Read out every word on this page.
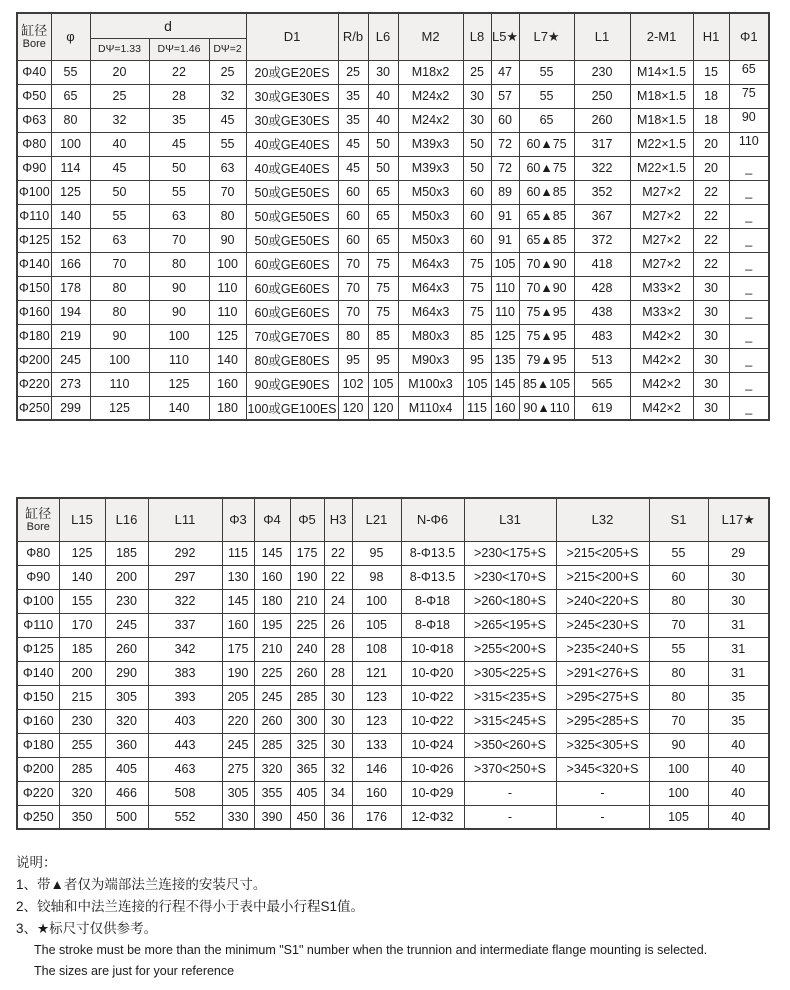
缸径
Bore	φ	d			D1	R/b	L6	M2	L8	L5★	L7★	L1	2-M1	H1	Φ1
		DΨ=1.33	DΨ=1.46	DΨ=2											
Φ40	55	20	22	25	20或GE20ES	25	30	M18x2	25	47	55	230	M14×1.5	15	65
Φ50	65	25	28	32	30或GE30ES	35	40	M24x2	30	57	55	250	M18×1.5	18	75
Φ63	80	32	35	45	30或GE30ES	35	40	M24x2	30	60	65	260	M18×1.5	18	90
Φ80	100	40	45	55	40或GE40ES	45	50	M39x3	50	72	60▲75	317	M22×1.5	20	110
Φ90	114	45	50	63	40或GE40ES	45	50	M39x3	50	72	60▲75	322	M22×1.5	20	_
Φ100	125	50	55	70	50或GE50ES	60	65	M50x3	60	89	60▲85	352	M27×2	22	_
Φ110	140	55	63	80	50或GE50ES	60	65	M50x3	60	91	65▲85	367	M27×2	22	_
Φ125	152	63	70	90	50或GE50ES	60	65	M50x3	60	91	65▲85	372	M27×2	22	_
Φ140	166	70	80	100	60或GE60ES	70	75	M64x3	75	105	70▲90	418	M27×2	22	_
Φ150	178	80	90	110	60或GE60ES	70	75	M64x3	75	110	70▲90	428	M33×2	30	_
Φ160	194	80	90	110	60或GE60ES	70	75	M64x3	75	110	75▲95	438	M33×2	30	_
Φ180	219	90	100	125	70或GE70ES	80	85	M80x3	85	125	75▲95	483	M42×2	30	_
Φ200	245	100	110	140	80或GE80ES	95	95	M90x3	95	135	79▲95	513	M42×2	30	_
Φ220	273	110	125	160	90或GE90ES	102	105	M100x3	105	145	85▲105	565	M42×2	30	_
Φ250	299	125	140	180	100或GE100ES	120	120	M110x4	115	160	90▲110	619	M42×2	30	_
缸径
Bore	L15	L16	L11	Φ3	Φ4	Φ5	H3	L21	N-Φ6	L31	L32	S1	L17★
Φ80	125	185	292	115	145	175	22	95	8-Φ13.5	>230<175+S	>215<205+S	55	29
Φ90	140	200	297	130	160	190	22	98	8-Φ13.5	>230<170+S	>215<200+S	60	30
Φ100	155	230	322	145	180	210	24	100	8-Φ18	>260<180+S	>240<220+S	80	30
Φ110	170	245	337	160	195	225	26	105	8-Φ18	>265<195+S	>245<230+S	70	31
Φ125	185	260	342	175	210	240	28	108	10-Φ18	>255<200+S	>235<240+S	55	31
Φ140	200	290	383	190	225	260	28	121	10-Φ20	>305<225+S	>291<276+S	80	31
Φ150	215	305	393	205	245	285	30	123	10-Φ22	>315<235+S	>295<275+S	80	35
Φ160	230	320	403	220	260	300	30	123	10-Φ22	>315<245+S	>295<285+S	70	35
Φ180	255	360	443	245	285	325	30	133	10-Φ24	>350<260+S	>325<305+S	90	40
Φ200	285	405	463	275	320	365	32	146	10-Φ26	>370<250+S	>345<320+S	100	40
Φ220	320	466	508	305	355	405	34	160	10-Φ29	-	-	100	40
Φ250	350	500	552	330	390	450	36	176	12-Φ32	-	-	105	40
说明：
1、带▲者仅为端部法兰连接的安装尺寸。
2、铰轴和中法兰连接的行程不得小于表中最小行程S1值。
3、★标尺寸仅供参考。
The stroke must be more than the minimum "S1" number when the trunnion and intermediate flange mounting is selected.
The sizes are just for your reference
